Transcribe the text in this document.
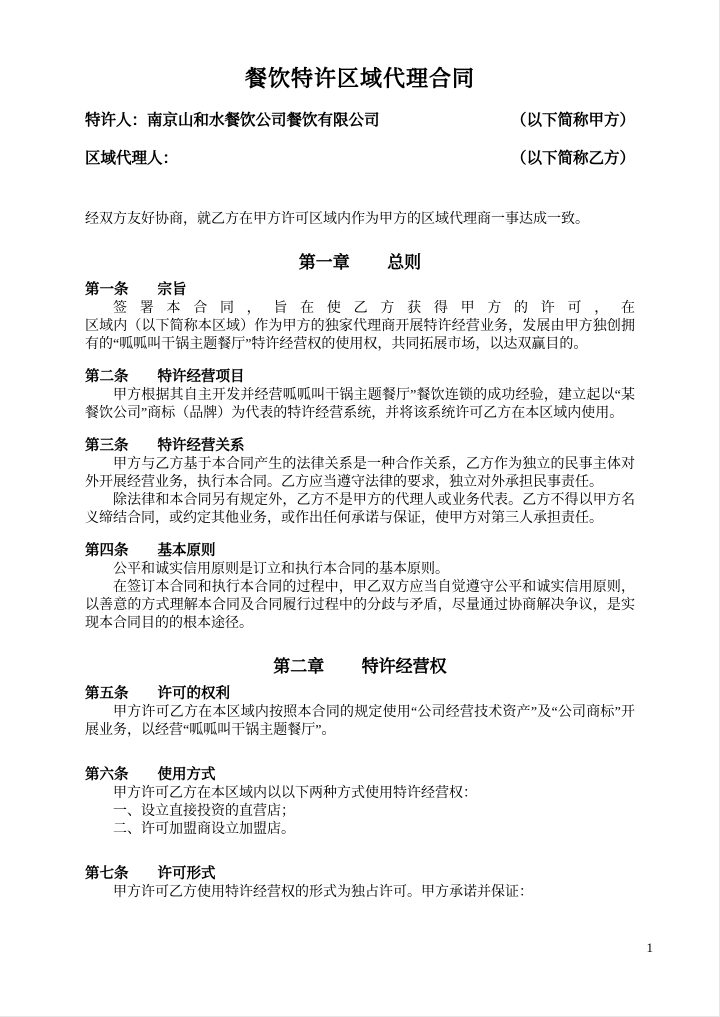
餐饮特许区域代理合同
特许人：南京山和水餐饮公司餐饮有限公司	（以下简称甲方）
区域代理人：	（以下简称乙方）

经双方友好协商，就乙方在甲方许可区域内作为甲方的区域代理商一事达成一致。

第一章 总则
第一条 宗旨
签署本合同，旨在使乙方获得甲方的许可，在
区域内（以下简称本区域）作为甲方的独家代理商开展特许经营业务，发展由甲方独创拥有的“呱呱叫干锅主题餐厅”特许经营权的使用权，共同拓展市场，以达双赢目的。
第二条 特许经营项目
甲方根据其自主开发并经营呱呱叫干锅主题餐厅”餐饮连锁的成功经验，建立起以“某餐饮公司”商标（品牌）为代表的特许经营系统，并将该系统许可乙方在本区域内使用。
第三条 特许经营关系
甲方与乙方基于本合同产生的法律关系是一种合作关系，乙方作为独立的民事主体对外开展经营业务，执行本合同。乙方应当遵守法律的要求，独立对外承担民事责任。
除法律和本合同另有规定外，乙方不是甲方的代理人或业务代表。乙方不得以甲方名义缔结合同，或约定其他业务，或作出任何承诺与保证，使甲方对第三人承担责任。
第四条 基本原则
公平和诚实信用原则是订立和执行本合同的基本原则。
在签订本合同和执行本合同的过程中，甲乙双方应当自觉遵守公平和诚实信用原则，以善意的方式理解本合同及合同履行过程中的分歧与矛盾，尽量通过协商解决争议，是实现本合同目的的根本途径。
第二章 特许经营权
第五条 许可的权利
甲方许可乙方在本区域内按照本合同的规定使用“公司经营技术资产”及“公司商标”开展业务，以经营“呱呱叫干锅主题餐厅”。
第六条 使用方式
甲方许可乙方在本区域内以以下两种方式使用特许经营权：
一、设立直接投资的直营店；
二、许可加盟商设立加盟店。
第七条 许可形式
甲方许可乙方使用特许经营权的形式为独占许可。甲方承诺并保证：
1
